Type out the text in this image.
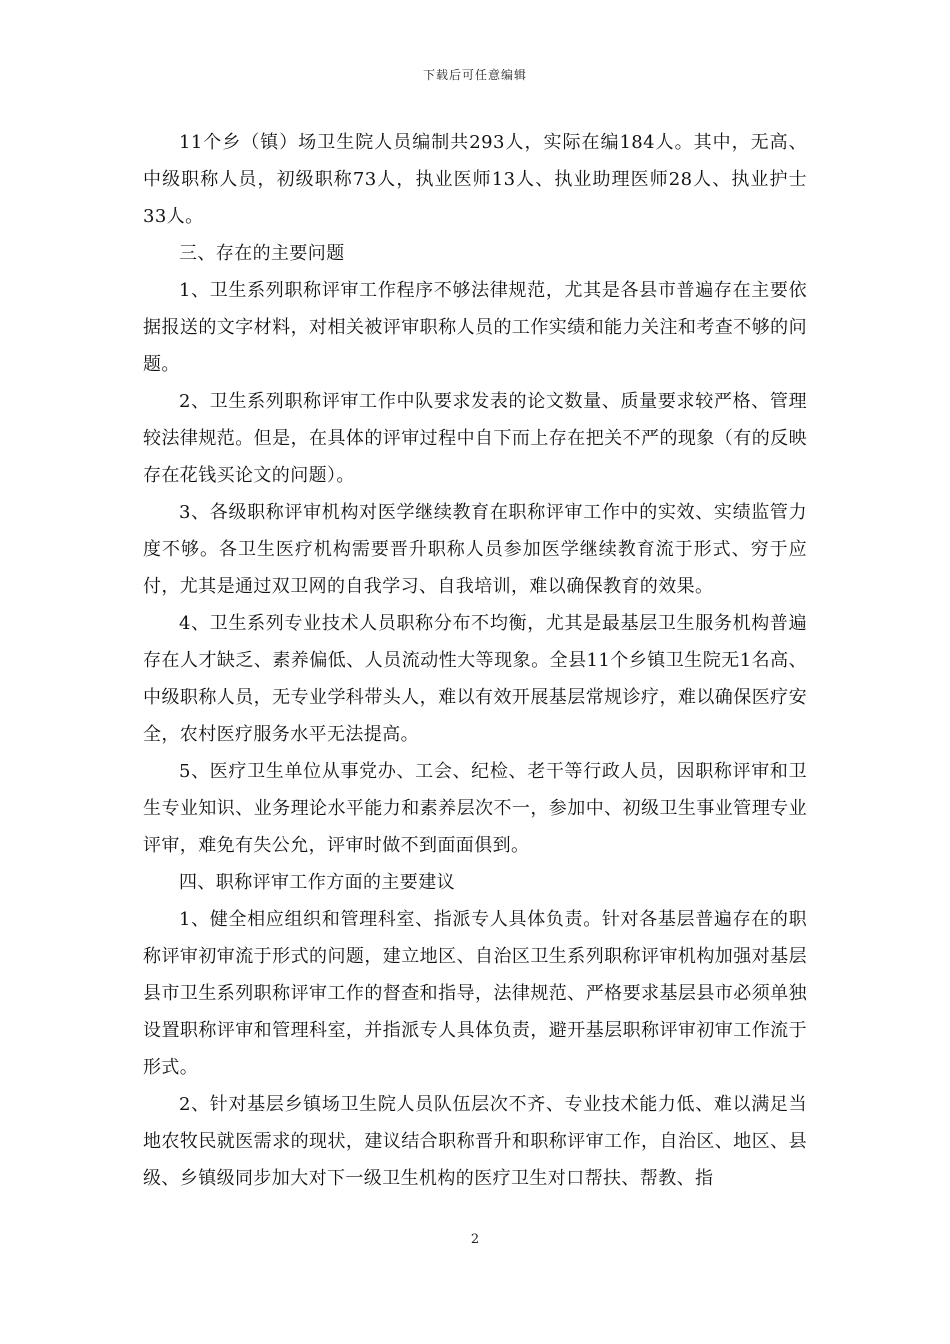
下载后可任意编辑

11个乡（镇）场卫生院人员编制共293人，实际在编184人。其中，无高、中级职称人员，初级职称73人，执业医师13人、执业助理医师28人、执业护士33人。

三、存在的主要问题

1、卫生系列职称评审工作程序不够法律规范，尤其是各县市普遍存在主要依据报送的文字材料，对相关被评审职称人员的工作实绩和能力关注和考查不够的问题。

2、卫生系列职称评审工作中队要求发表的论文数量、质量要求较严格、管理较法律规范。但是，在具体的评审过程中自下而上存在把关不严的现象（有的反映存在花钱买论文的问题）。

3、各级职称评审机构对医学继续教育在职称评审工作中的实效、实绩监管力度不够。各卫生医疗机构需要晋升职称人员参加医学继续教育流于形式、穷于应付，尤其是通过双卫网的自我学习、自我培训，难以确保教育的效果。

4、卫生系列专业技术人员职称分布不均衡，尤其是最基层卫生服务机构普遍存在人才缺乏、素养偏低、人员流动性大等现象。全县11个乡镇卫生院无1名高、中级职称人员，无专业学科带头人，难以有效开展基层常规诊疗，难以确保医疗安全，农村医疗服务水平无法提高。

5、医疗卫生单位从事党办、工会、纪检、老干等行政人员，因职称评审和卫生专业知识、业务理论水平能力和素养层次不一，参加中、初级卫生事业管理专业评审，难免有失公允，评审时做不到面面俱到。

四、职称评审工作方面的主要建议

1、健全相应组织和管理科室、指派专人具体负责。针对各基层普遍存在的职称评审初审流于形式的问题，建立地区、自治区卫生系列职称评审机构加强对基层县市卫生系列职称评审工作的督查和指导，法律规范、严格要求基层县市必须单独设置职称评审和管理科室，并指派专人具体负责，避开基层职称评审初审工作流于形式。

2、针对基层乡镇场卫生院人员队伍层次不齐、专业技术能力低、难以满足当地农牧民就医需求的现状，建议结合职称晋升和职称评审工作，自治区、地区、县级、乡镇级同步加大对下一级卫生机构的医疗卫生对口帮扶、帮教、指

2
